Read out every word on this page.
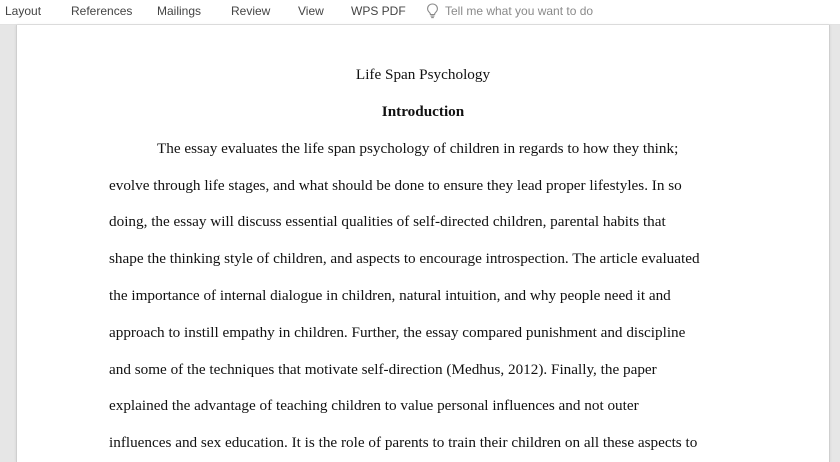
Layout References Mailings Review View WPS PDF	Tell me what you want to do
Life Span Psychology
Introduction
The essay evaluates the life span psychology of children in regards to how they think;
evolve through life stages, and what should be done to ensure they lead proper lifestyles. In so
doing, the essay will discuss essential qualities of self-directed children, parental habits that
shape the thinking style of children, and aspects to encourage introspection. The article evaluated
the importance of internal dialogue in children, natural intuition, and why people need it and
approach to instill empathy in children. Further, the essay compared punishment and discipline
and some of the techniques that motivate self-direction (Medhus, 2012). Finally, the paper
explained the advantage of teaching children to value personal influences and not outer
influences and sex education. It is the role of parents to train their children on all these aspects to
